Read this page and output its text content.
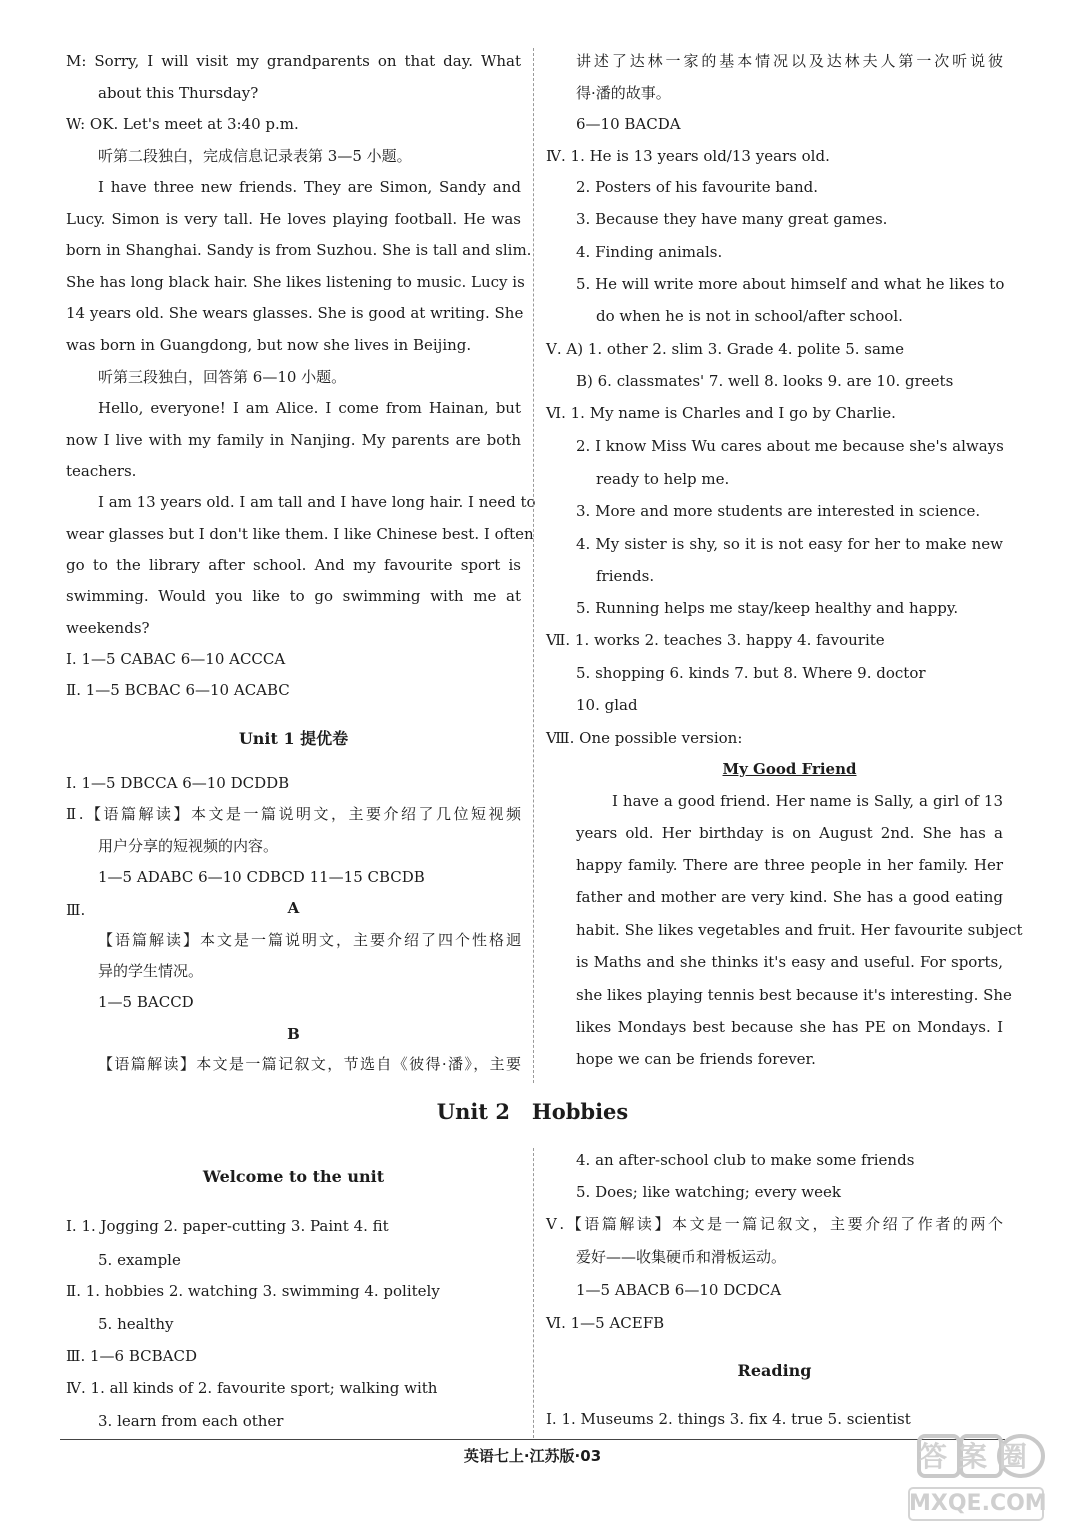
M: Sorry, I will visit my grandparents on that day. What
about this Thursday?
W: OK. Let's meet at 3:40 p.m.
听第二段独白，完成信息记录表第 3—5 小题。
I have three new friends. They are Simon, Sandy and
Lucy. Simon is very tall. He loves playing football. He was
born in Shanghai. Sandy is from Suzhou. She is tall and slim.
She has long black hair. She likes listening to music. Lucy is
14 years old. She wears glasses. She is good at writing. She
was born in Guangdong, but now she lives in Beijing.
听第三段独白，回答第 6—10 小题。
Hello, everyone! I am Alice. I come from Hainan, but
now I live with my family in Nanjing. My parents are both
teachers.
I am 13 years old. I am tall and I have long hair. I need to
wear glasses but I don't like them. I like Chinese best. I often
go to the library after school. And my favourite sport is
swimming. Would you like to go swimming with me at
weekends?
Ⅰ. 1—5 CABAC 6—10 ACCCA
Ⅱ. 1—5 BCBAC 6—10 ACABC
Unit 1 提优卷
Ⅰ. 1—5 DBCCA 6—10 DCDDB
Ⅱ.【语篇解读】本文是一篇说明文，主要介绍了几位短视频
用户分享的短视频的内容。
1—5 ADABC 6—10 CDBCD 11—15 CBCDB
Ⅲ.	A
【语篇解读】本文是一篇说明文，主要介绍了四个性格迥
异的学生情况。
1—5 BACCD
B
【语篇解读】本文是一篇记叙文，节选自《彼得·潘》，主要
讲述了达林一家的基本情况以及达林夫人第一次听说彼
得·潘的故事。
6—10 BACDA
Ⅳ. 1. He is 13 years old/13 years old.
2. Posters of his favourite band.
3. Because they have many great games.
4. Finding animals.
5. He will write more about himself and what he likes to
do when he is not in school/after school.
Ⅴ. A) 1. other 2. slim 3. Grade 4. polite 5. same
B) 6. classmates' 7. well 8. looks 9. are 10. greets
Ⅵ. 1. My name is Charles and I go by Charlie.
2. I know Miss Wu cares about me because she's always
ready to help me.
3. More and more students are interested in science.
4. My sister is shy, so it is not easy for her to make new
friends.
5. Running helps me stay/keep healthy and happy.
Ⅶ. 1. works 2. teaches 3. happy 4. favourite
5. shopping 6. kinds 7. but 8. Where 9. doctor
10. glad
Ⅷ. One possible version:
My Good Friend
I have a good friend. Her name is Sally, a girl of 13
years old. Her birthday is on August 2nd. She has a
happy family. There are three people in her family. Her
father and mother are very kind. She has a good eating
habit. She likes vegetables and fruit. Her favourite subject
is Maths and she thinks it's easy and useful. For sports,
she likes playing tennis best because it's interesting. She
likes Mondays best because she has PE on Mondays. I
hope we can be friends forever.
Unit 2   Hobbies
Welcome to the unit
Ⅰ. 1. Jogging 2. paper-cutting 3. Paint 4. fit
5. example
Ⅱ. 1. hobbies 2. watching 3. swimming 4. politely
5. healthy
Ⅲ. 1—6 BCBACD
Ⅳ. 1. all kinds of 2. favourite sport; walking with
3. learn from each other
4. an after-school club to make some friends
5. Does; like watching; every week
Ⅴ.【语篇解读】本文是一篇记叙文，主要介绍了作者的两个
爱好——收集硬币和滑板运动。
1—5 ABACB 6—10 DCDCA
Ⅵ. 1—5 ACEFB
Reading
Ⅰ. 1. Museums 2. things 3. fix 4. true 5. scientist
英语七上·江苏版·03	答案圈
MXQE.COM
